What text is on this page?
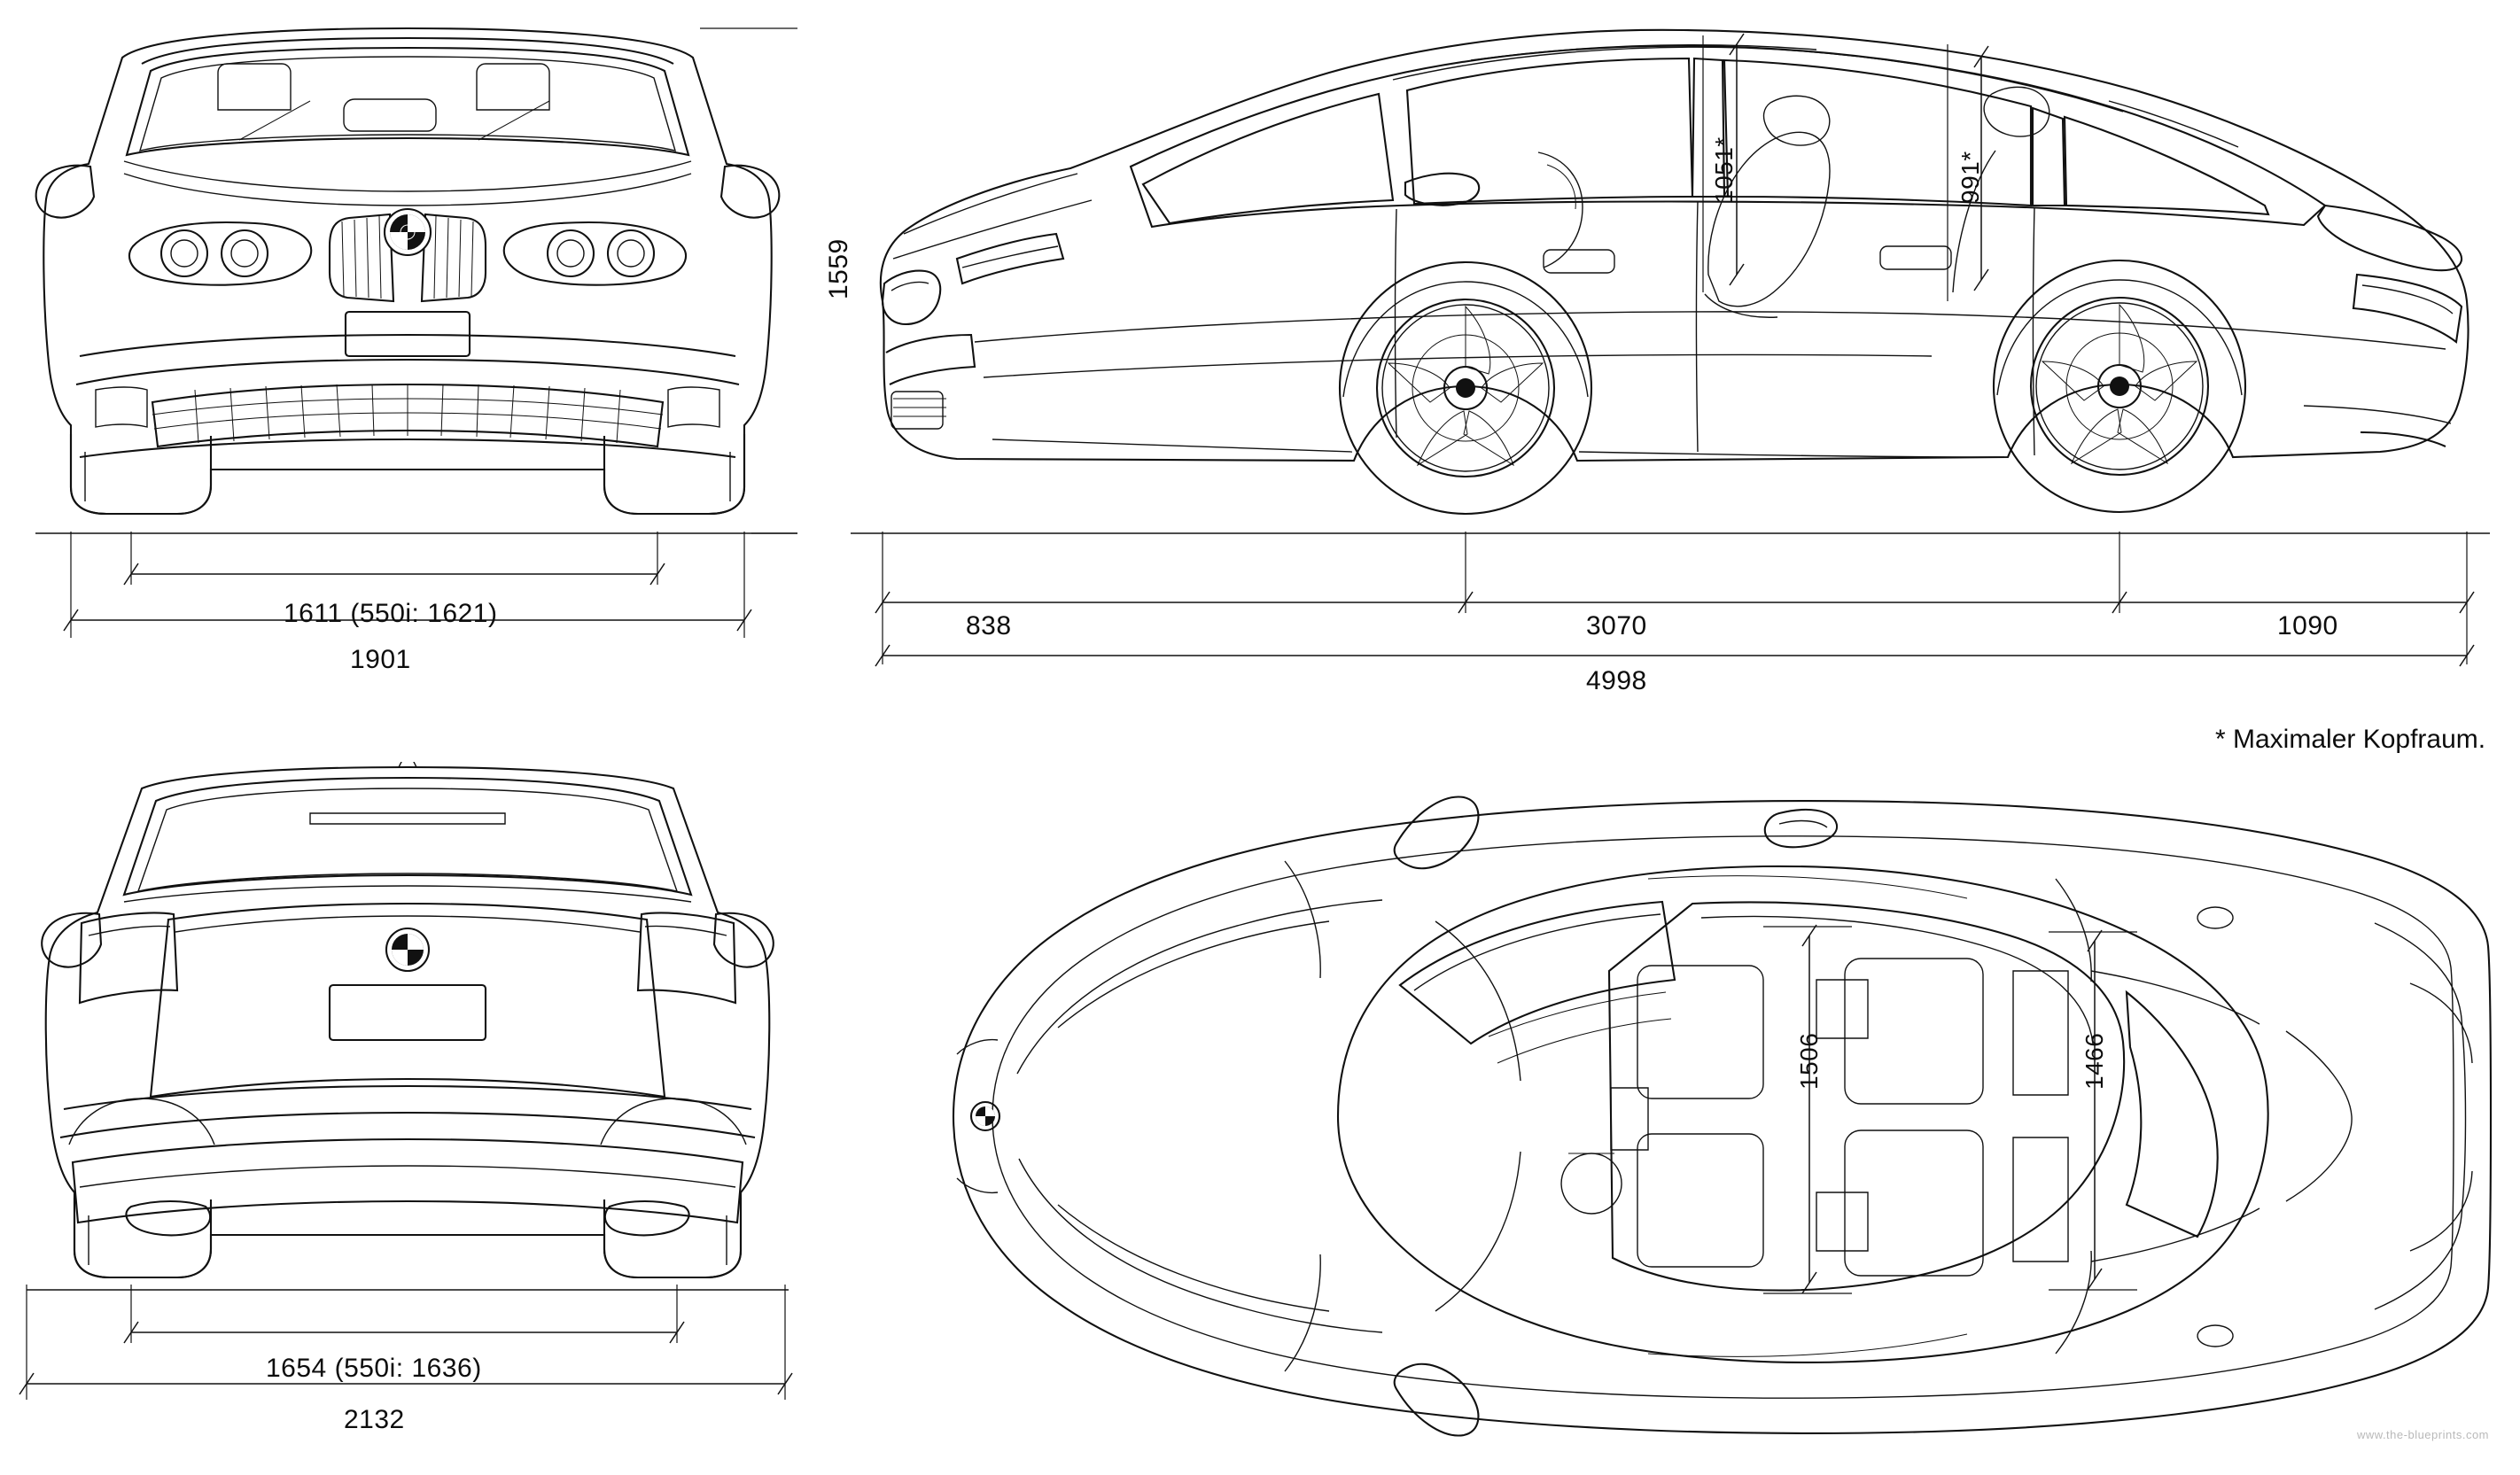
1559
1611 (550i: 1621)
1901
1051*	991*
838	3070	1090
4998
* Maximaler Kopfraum.
1654 (550i: 1636)
2132
1506	1466
www.the-blueprints.com
